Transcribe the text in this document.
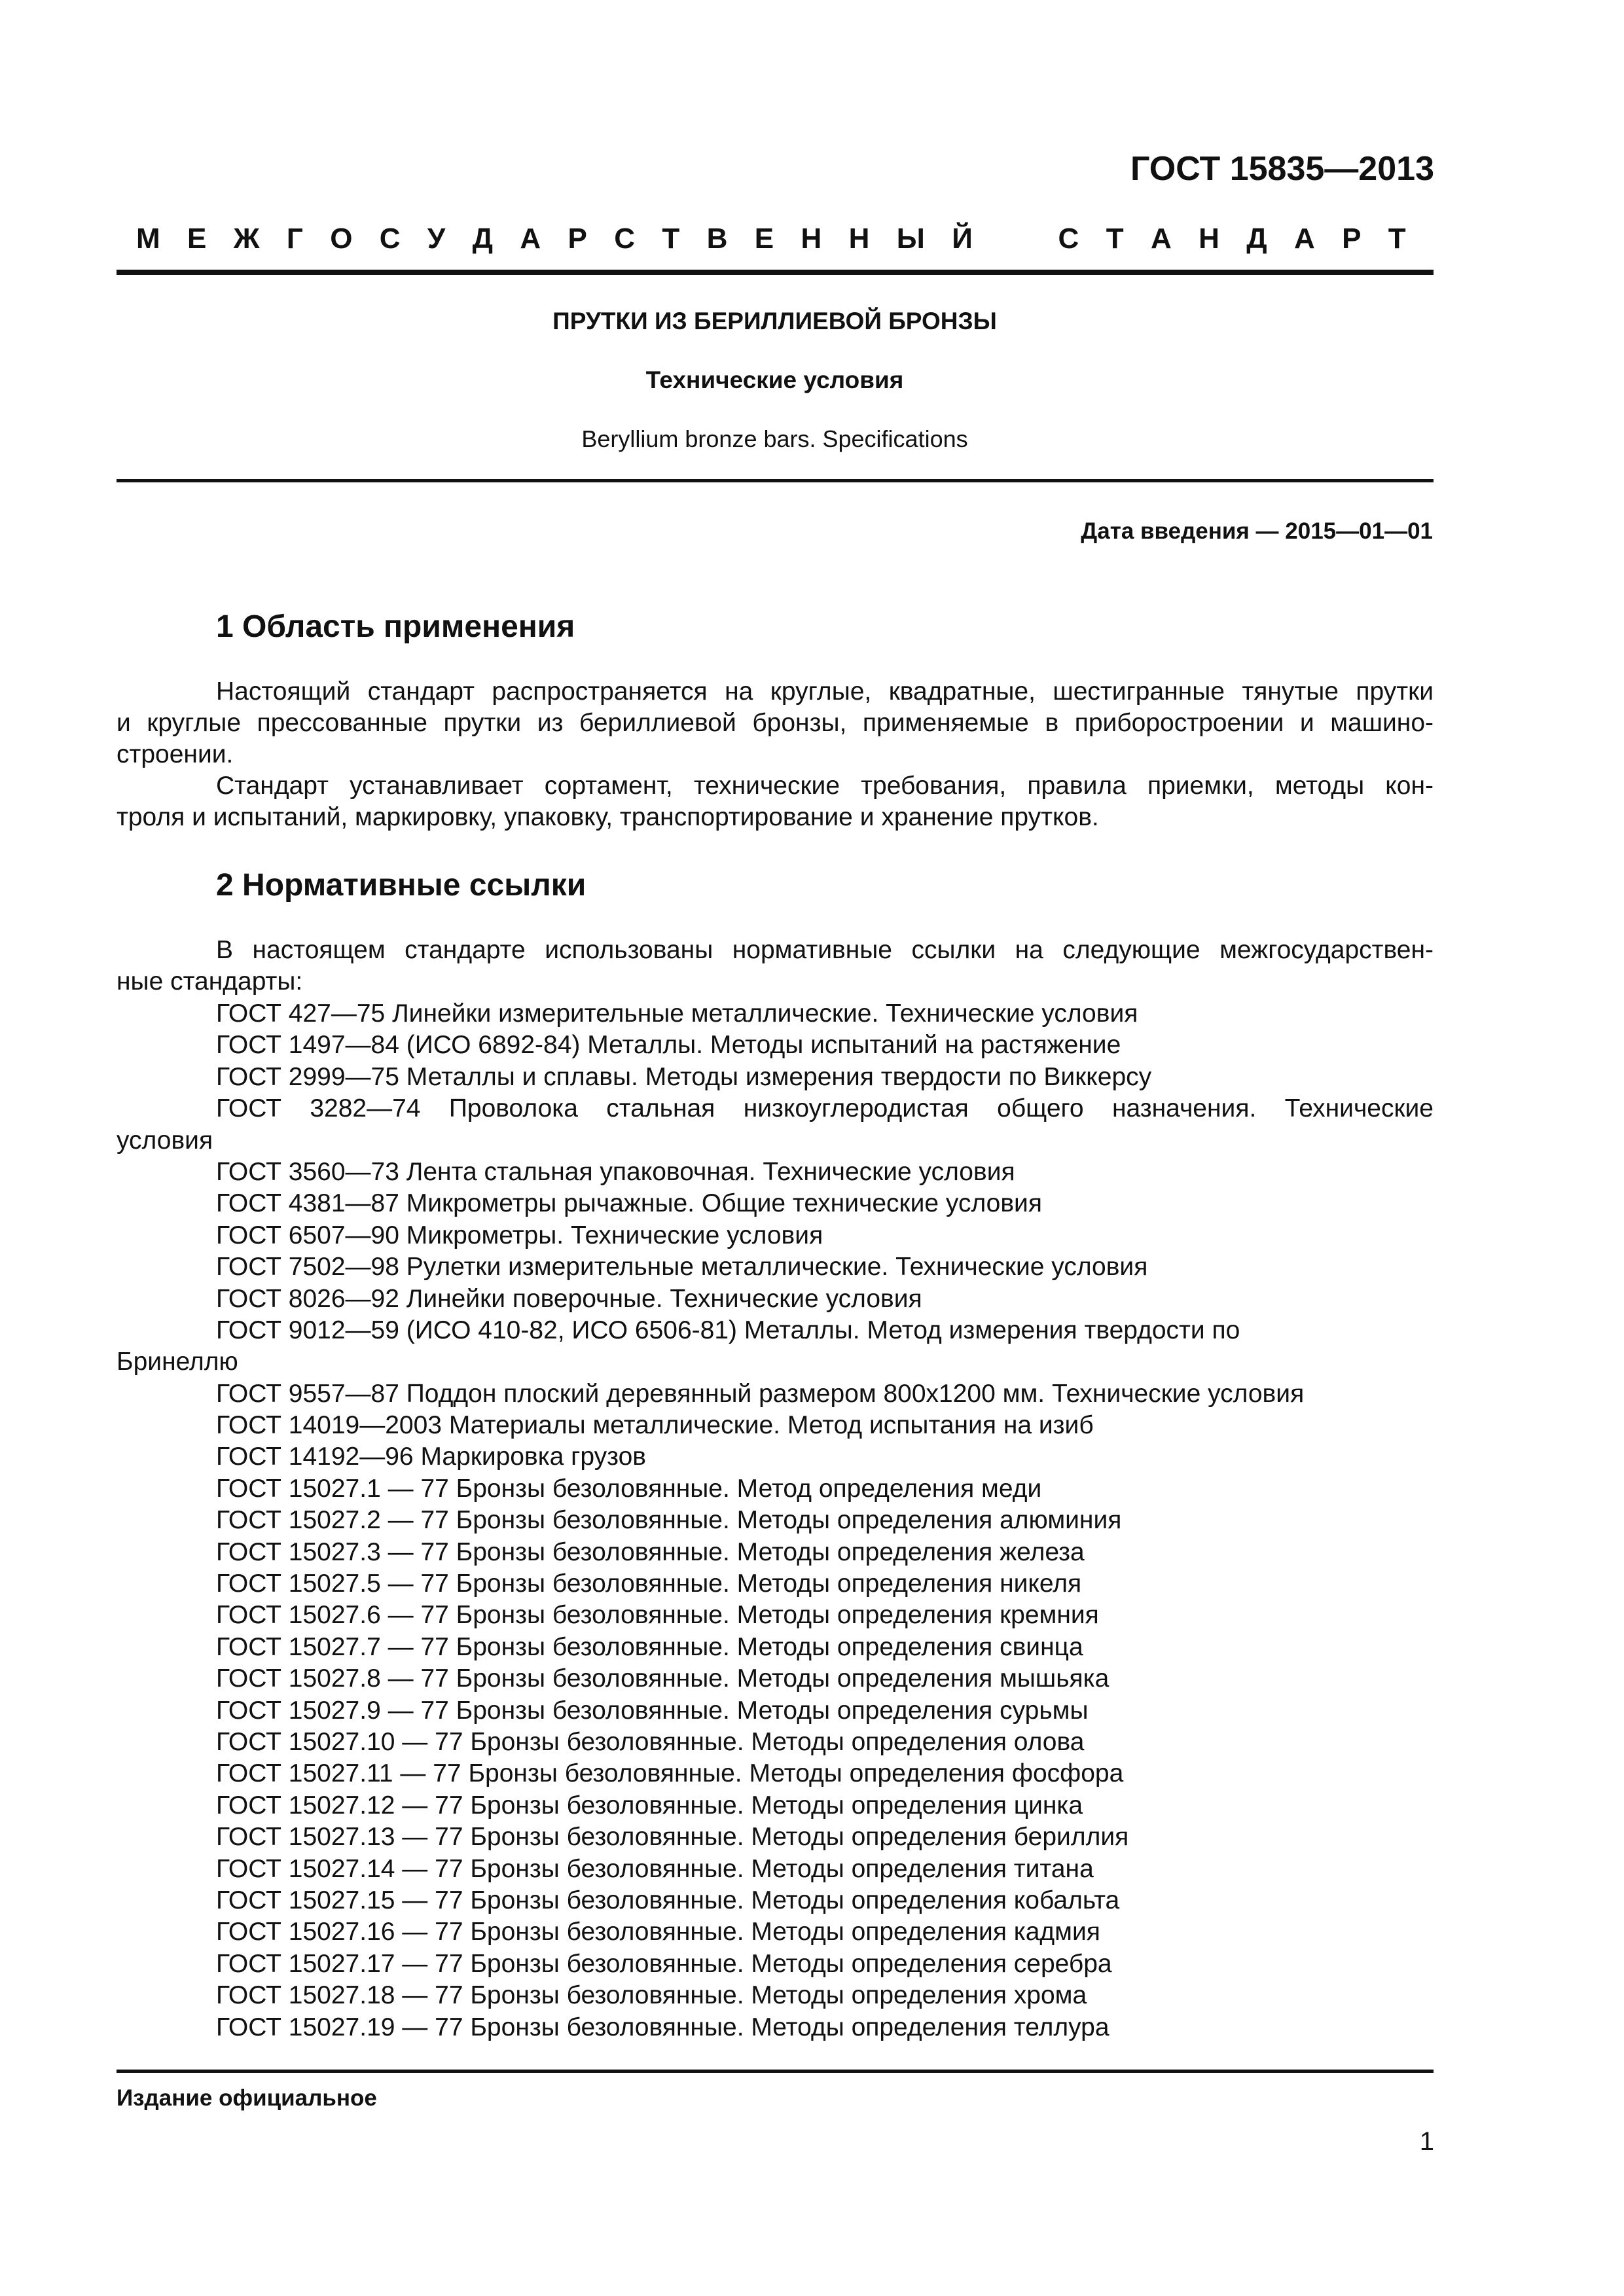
ГОСТ 15835—2013
М Е Ж Г О С У Д А Р С Т В Е Н Н Ы Й	С Т А Н Д А Р Т
ПРУТКИ ИЗ БЕРИЛЛИЕВОЙ БРОНЗЫ
Технические условия
Beryllium bronze bars. Specifications
Дата введения — 2015—01—01
1 Область применения
Настоящий стандарт распространяется на круглые, квадратные, шестигранные тянутые прутки
и круглые прессованные прутки из бериллиевой бронзы, применяемые в приборостроении и машино-
строении.
Стандарт устанавливает сортамент, технические требования, правила приемки, методы кон-
троля и испытаний, маркировку, упаковку, транспортирование и хранение прутков.
2 Нормативные ссылки
В настоящем стандарте использованы нормативные ссылки на следующие межгосударствен-
ные стандарты:
ГОСТ 427—75 Линейки измерительные металлические. Технические условия
ГОСТ 1497—84 (ИСО 6892-84) Металлы. Методы испытаний на растяжение
ГОСТ 2999—75 Металлы и сплавы. Методы измерения твердости по Виккерсу
ГОСТ 3282—74 Проволока стальная низкоуглеродистая общего назначения. Технические
условия
ГОСТ 3560—73 Лента стальная упаковочная. Технические условия
ГОСТ 4381—87 Микрометры рычажные. Общие технические условия
ГОСТ 6507—90 Микрометры. Технические условия
ГОСТ 7502—98 Рулетки измерительные металлические. Технические условия
ГОСТ 8026—92 Линейки поверочные. Технические условия
ГОСТ 9012—59 (ИСО 410-82, ИСО 6506-81) Металлы. Метод измерения твердости по
Бринеллю
ГОСТ 9557—87 Поддон плоский деревянный размером 800х1200 мм. Технические условия
ГОСТ 14019—2003 Материалы металлические. Метод испытания на изиб
ГОСТ 14192—96 Маркировка грузов
ГОСТ 15027.1 — 77 Бронзы безоловянные. Метод определения меди
ГОСТ 15027.2 — 77 Бронзы безоловянные. Методы определения алюминия
ГОСТ 15027.3 — 77 Бронзы безоловянные. Методы определения железа
ГОСТ 15027.5 — 77 Бронзы безоловянные. Методы определения никеля
ГОСТ 15027.6 — 77 Бронзы безоловянные. Методы определения кремния
ГОСТ 15027.7 — 77 Бронзы безоловянные. Методы определения свинца
ГОСТ 15027.8 — 77 Бронзы безоловянные. Методы определения мышьяка
ГОСТ 15027.9 — 77 Бронзы безоловянные. Методы определения сурьмы
ГОСТ 15027.10 — 77 Бронзы безоловянные. Методы определения олова
ГОСТ 15027.11 — 77 Бронзы безоловянные. Методы определения фосфора
ГОСТ 15027.12 — 77 Бронзы безоловянные. Методы определения цинка
ГОСТ 15027.13 — 77 Бронзы безоловянные. Методы определения бериллия
ГОСТ 15027.14 — 77 Бронзы безоловянные. Методы определения титана
ГОСТ 15027.15 — 77 Бронзы безоловянные. Методы определения кобальта
ГОСТ 15027.16 — 77 Бронзы безоловянные. Методы определения кадмия
ГОСТ 15027.17 — 77 Бронзы безоловянные. Методы определения серебра
ГОСТ 15027.18 — 77 Бронзы безоловянные. Методы определения хрома
ГОСТ 15027.19 — 77 Бронзы безоловянные. Методы определения теллура
Издание официальное
1
